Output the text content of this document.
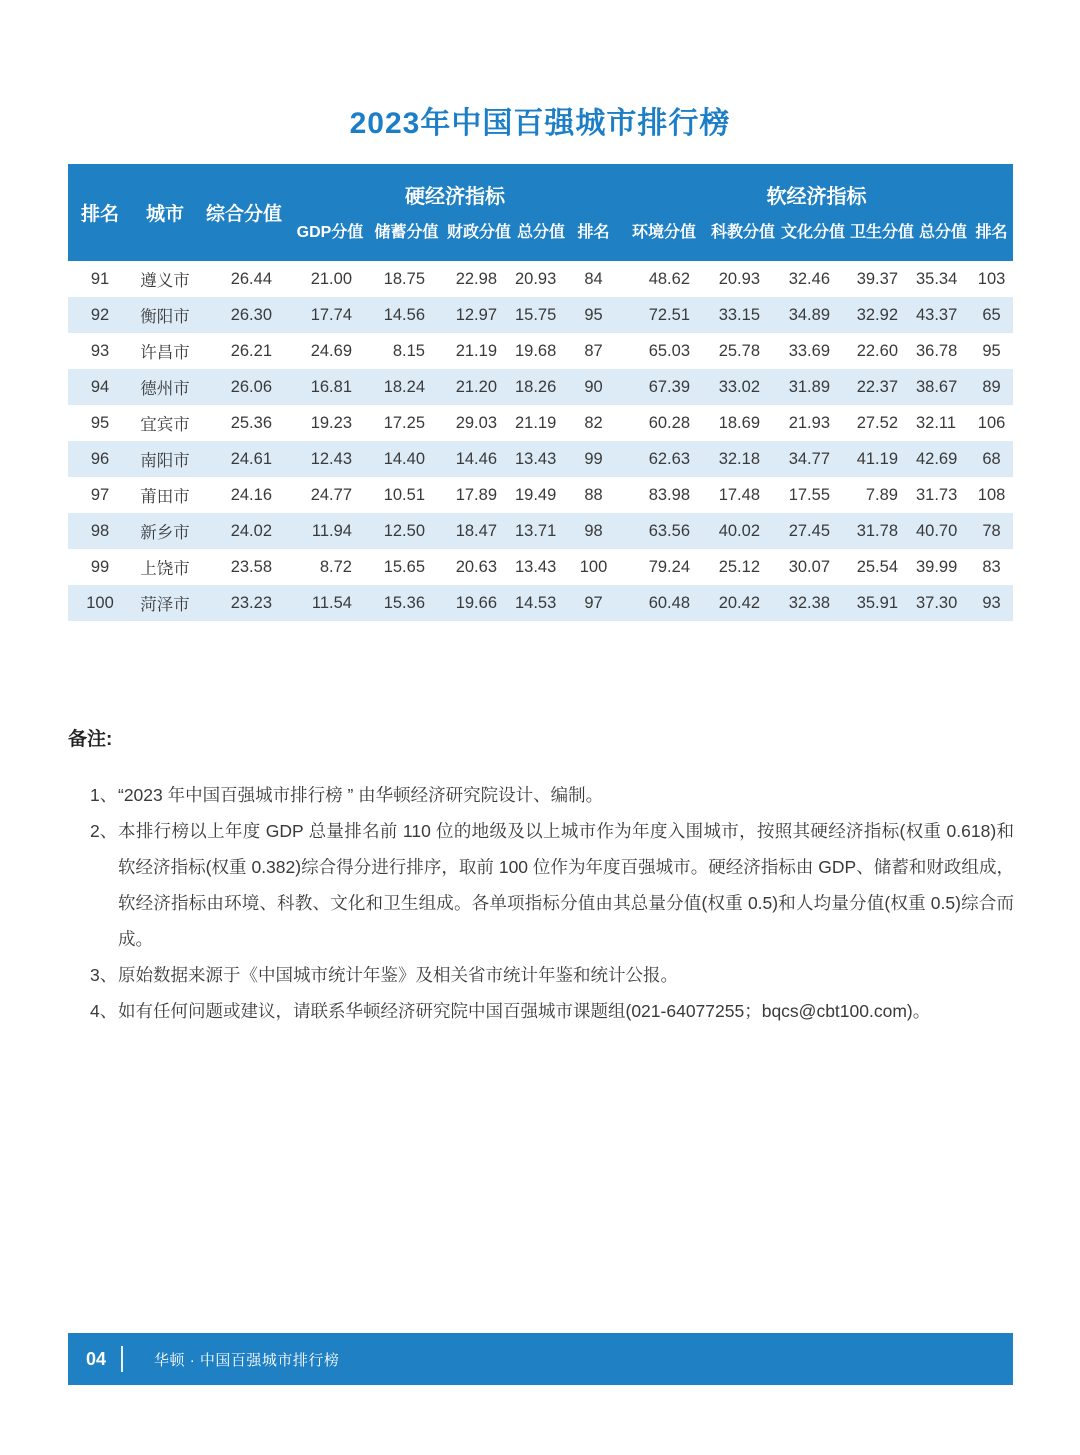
2023年中国百强城市排行榜
排名	城市	综合分值	硬经济指标					软经济指标					
			GDP分值	储蓄分值	财政分值	总分值	排名	环境分值	科教分值	文化分值	卫生分值	总分值	排名
91	遵义市	26.44	21.00	18.75	22.98	20.93	84	48.62	20.93	32.46	39.37	35.34	103
92	衡阳市	26.30	17.74	14.56	12.97	15.75	95	72.51	33.15	34.89	32.92	43.37	65
93	许昌市	26.21	24.69	8.15	21.19	19.68	87	65.03	25.78	33.69	22.60	36.78	95
94	德州市	26.06	16.81	18.24	21.20	18.26	90	67.39	33.02	31.89	22.37	38.67	89
95	宜宾市	25.36	19.23	17.25	29.03	21.19	82	60.28	18.69	21.93	27.52	32.11	106
96	南阳市	24.61	12.43	14.40	14.46	13.43	99	62.63	32.18	34.77	41.19	42.69	68
97	莆田市	24.16	24.77	10.51	17.89	19.49	88	83.98	17.48	17.55	7.89	31.73	108
98	新乡市	24.02	11.94	12.50	18.47	13.71	98	63.56	40.02	27.45	31.78	40.70	78
99	上饶市	23.58	8.72	15.65	20.63	13.43	100	79.24	25.12	30.07	25.54	39.99	83
100	菏泽市	23.23	11.54	15.36	19.66	14.53	97	60.48	20.42	32.38	35.91	37.30	93
备注:
1、 “2023 年中国百强城市排行榜 ” 由华顿经济研究院设计、编制。
2、 本排行榜以上年度 GDP 总量排名前 110 位的地级及以上城市作为年度入围城市，按照其硬经济指标(权重 0.618)和软经济指标(权重 0.382)综合得分进行排序，取前 100 位作为年度百强城市。硬经济指标由 GDP、储蓄和财政组成，软经济指标由环境、科教、文化和卫生组成。各单项指标分值由其总量分值(权重 0.5)和人均量分值(权重 0.5)综合而成。
3、 原始数据来源于《中国城市统计年鉴》及相关省市统计年鉴和统计公报。
4、 如有任何问题或建议，请联系华顿经济研究院中国百强城市课题组(021-64077255；bqcs@cbt100.com)。
04	华顿 · 中国百强城市排行榜
